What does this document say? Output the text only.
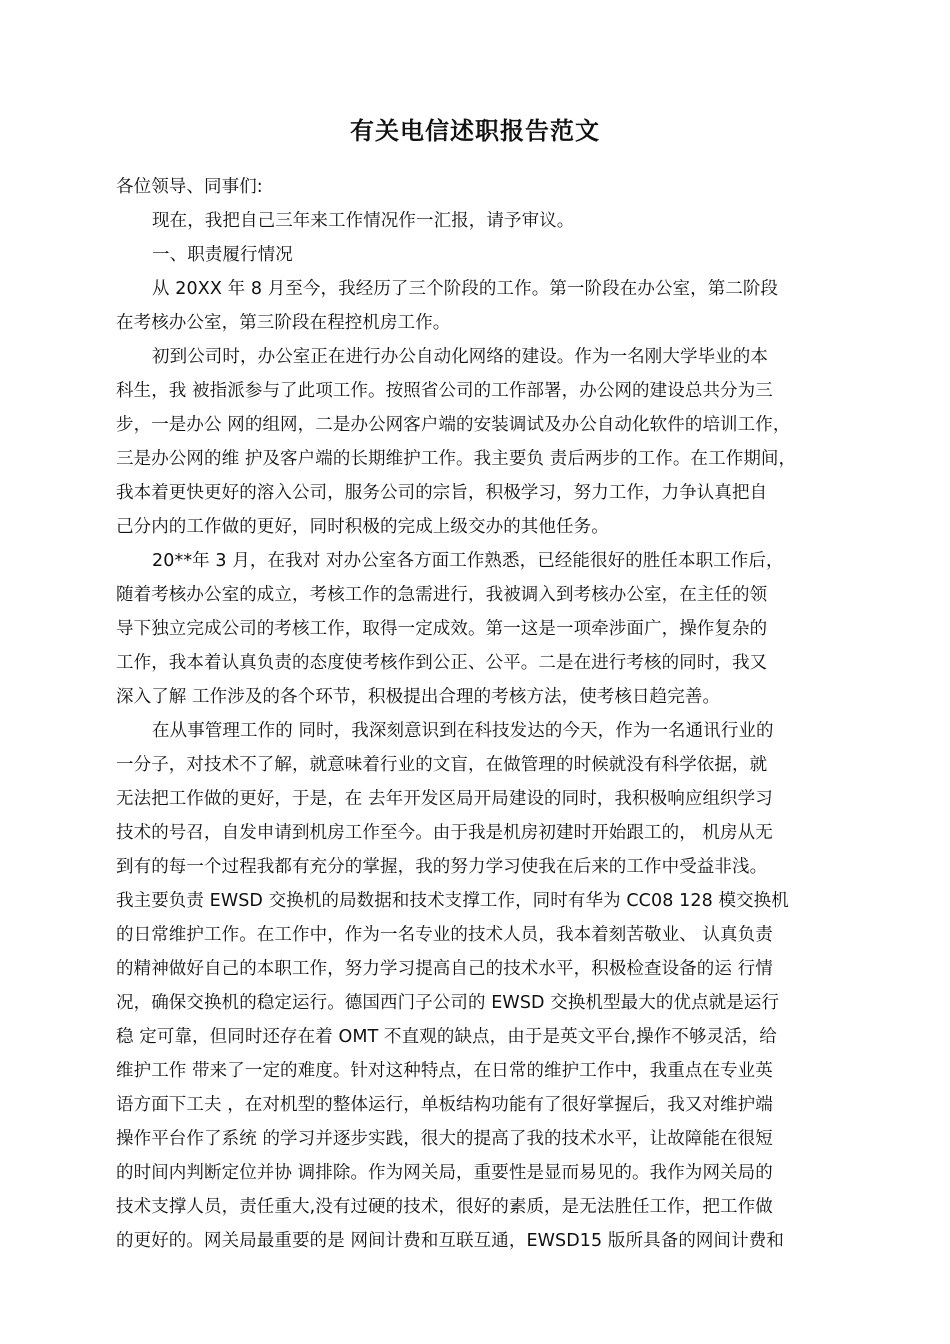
有关电信述职报告范文
各位领导、同事们:
现在，我把自己三年来工作情况作一汇报，请予审议。
一、职责履行情况
从 20XX 年 8 月至今，我经历了三个阶段的工作。第一阶段在办公室，第二阶段
在考核办公室，第三阶段在程控机房工作。
初到公司时，办公室正在进行办公自动化网络的建设。作为一名刚大学毕业的本
科生，我 被指派参与了此项工作。按照省公司的工作部署，办公网的建设总共分为三
步，一是办公 网的组网，二是办公网客户端的安装调试及办公自动化软件的培训工作，
三是办公网的维 护及客户端的长期维护工作。我主要负 责后两步的工作。在工作期间，
我本着更快更好的溶入公司，服务公司的宗旨，积极学习，努力工作，力争认真把自
己分内的工作做的更好，同时积极的完成上级交办的其他任务。
20**年 3 月，在我对 对办公室各方面工作熟悉，已经能很好的胜任本职工作后，
随着考核办公室的成立，考核工作的急需进行，我被调入到考核办公室，在主任的领
导下独立完成公司的考核工作，取得一定成效。第一这是一项牵涉面广，操作复杂的
工作，我本着认真负责的态度使考核作到公正、公平。二是在进行考核的同时，我又
深入了解 工作涉及的各个环节，积极提出合理的考核方法，使考核日趋完善。
在从事管理工作的 同时，我深刻意识到在科技发达的今天，作为一名通讯行业的
一分子，对技术不了解，就意味着行业的文盲，在做管理的时候就没有科学依据，就
无法把工作做的更好，于是，在 去年开发区局开局建设的同时，我积极响应组织学习
技术的号召，自发申请到机房工作至今。由于我是机房初建时开始跟工的， 机房从无
到有的每一个过程我都有充分的掌握，我的努力学习使我在后来的工作中受益非浅。
我主要负责 EWSD 交换机的局数据和技术支撑工作，同时有华为 CC08 128 模交换机
的日常维护工作。在工作中，作为一名专业的技术人员，我本着刻苦敬业、 认真负责
的精神做好自己的本职工作，努力学习提高自己的技术水平，积极检查设备的运 行情
况，确保交换机的稳定运行。德国西门子公司的 EWSD 交换机型最大的优点就是运行
稳 定可靠，但同时还存在着 OMT 不直观的缺点，由于是英文平台,操作不够灵活，给
维护工作 带来了一定的难度。针对这种特点，在日常的维护工作中，我重点在专业英
语方面下工夫 ，在对机型的整体运行，单板结构功能有了很好掌握后，我又对维护端
操作平台作了系统 的学习并逐步实践，很大的提高了我的技术水平，让故障能在很短
的时间内判断定位并协 调排除。作为网关局，重要性是显而易见的。我作为网关局的
技术支撑人员，责任重大,没有过硬的技术，很好的素质，是无法胜任工作，把工作做
的更好的。网关局最重要的是 网间计费和互联互通，EWSD15 版所具备的网间计费和
